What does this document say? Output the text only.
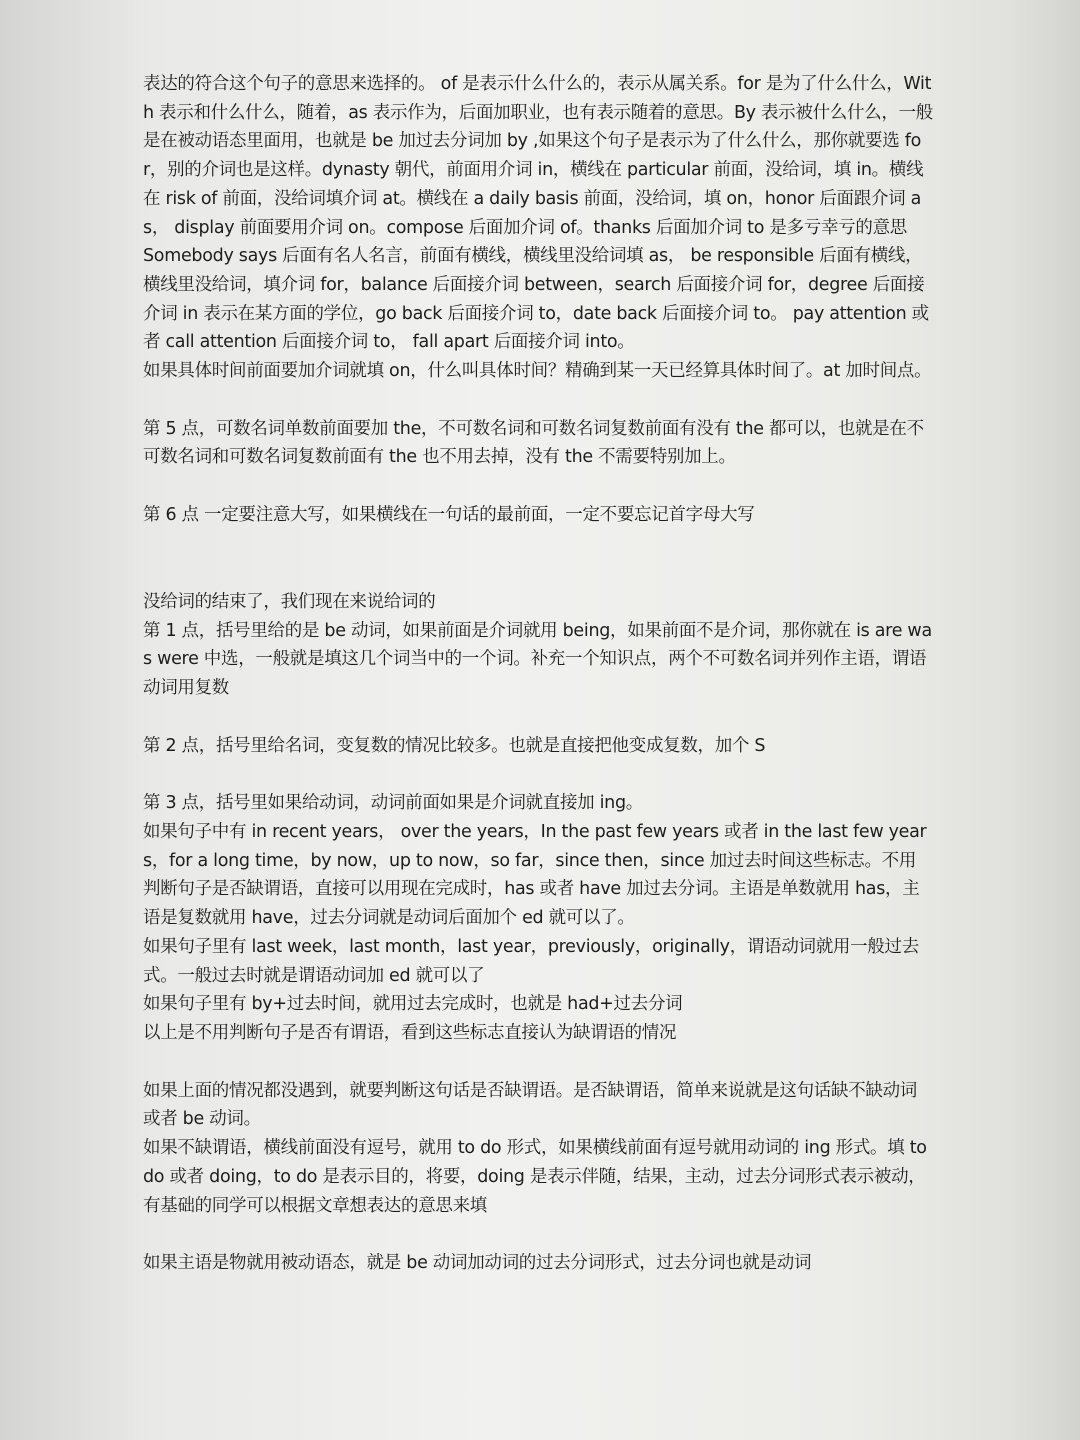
表达的符合这个句子的意思来选择的。 of 是表示什么什么的，表示从属关系。for 是为了什么什么，With 表示和什么什么，随着，as 表示作为，后面加职业，也有表示随着的意思。By 表示被什么什么，一般是在被动语态里面用，也就是 be 加过去分词加 by ,如果这个句子是表示为了什么什么，那你就要选 for，别的介词也是这样。dynasty 朝代，前面用介词 in，横线在 particular 前面，没给词，填 in。横线在 risk of 前面，没给词填介词 at。横线在 a daily basis 前面，没给词，填 on，honor 后面跟介词 as， display 前面要用介词 on。compose 后面加介词 of。thanks 后面加介词 to 是多亏幸亏的意思

Somebody says 后面有名人名言，前面有横线，横线里没给词填 as， be responsible 后面有横线，横线里没给词，填介词 for，balance 后面接介词 between，search 后面接介词 for，degree 后面接介词 in 表示在某方面的学位，go back 后面接介词 to，date back 后面接介词 to。 pay attention 或者 call attention 后面接介词 to， fall apart 后面接介词 into。

如果具体时间前面要加介词就填 on，什么叫具体时间？精确到某一天已经算具体时间了。at 加时间点。

第 5 点，可数名词单数前面要加 the，不可数名词和可数名词复数前面有没有 the 都可以，也就是在不可数名词和可数名词复数前面有 the 也不用去掉，没有 the 不需要特别加上。

第 6 点 一定要注意大写，如果横线在一句话的最前面，一定不要忘记首字母大写

没给词的结束了，我们现在来说给词的

第 1 点，括号里给的是 be 动词，如果前面是介词就用 being，如果前面不是介词，那你就在 is are was were 中选，一般就是填这几个词当中的一个词。补充一个知识点，两个不可数名词并列作主语，谓语动词用复数

第 2 点，括号里给名词，变复数的情况比较多。也就是直接把他变成复数，加个 S

第 3 点，括号里如果给动词，动词前面如果是介词就直接加 ing。

如果句子中有 in recent years， over the years，In the past few years 或者 in the last few years，for a long time，by now，up to now，so far，since then，since 加过去时间这些标志。不用判断句子是否缺谓语，直接可以用现在完成时，has 或者 have 加过去分词。主语是单数就用 has，主语是复数就用 have，过去分词就是动词后面加个 ed 就可以了。

如果句子里有 last week，last month，last year，previously，originally，谓语动词就用一般过去式。一般过去时就是谓语动词加 ed 就可以了

如果句子里有 by+过去时间，就用过去完成时，也就是 had+过去分词

以上是不用判断句子是否有谓语，看到这些标志直接认为缺谓语的情况

如果上面的情况都没遇到，就要判断这句话是否缺谓语。是否缺谓语，简单来说就是这句话缺不缺动词或者 be 动词。

如果不缺谓语，横线前面没有逗号，就用 to do 形式，如果横线前面有逗号就用动词的 ing 形式。填 to do 或者 doing，to do 是表示目的，将要，doing 是表示伴随，结果，主动，过去分词形式表示被动，有基础的同学可以根据文章想表达的意思来填

如果主语是物就用被动语态，就是 be 动词加动词的过去分词形式，过去分词也就是动词
